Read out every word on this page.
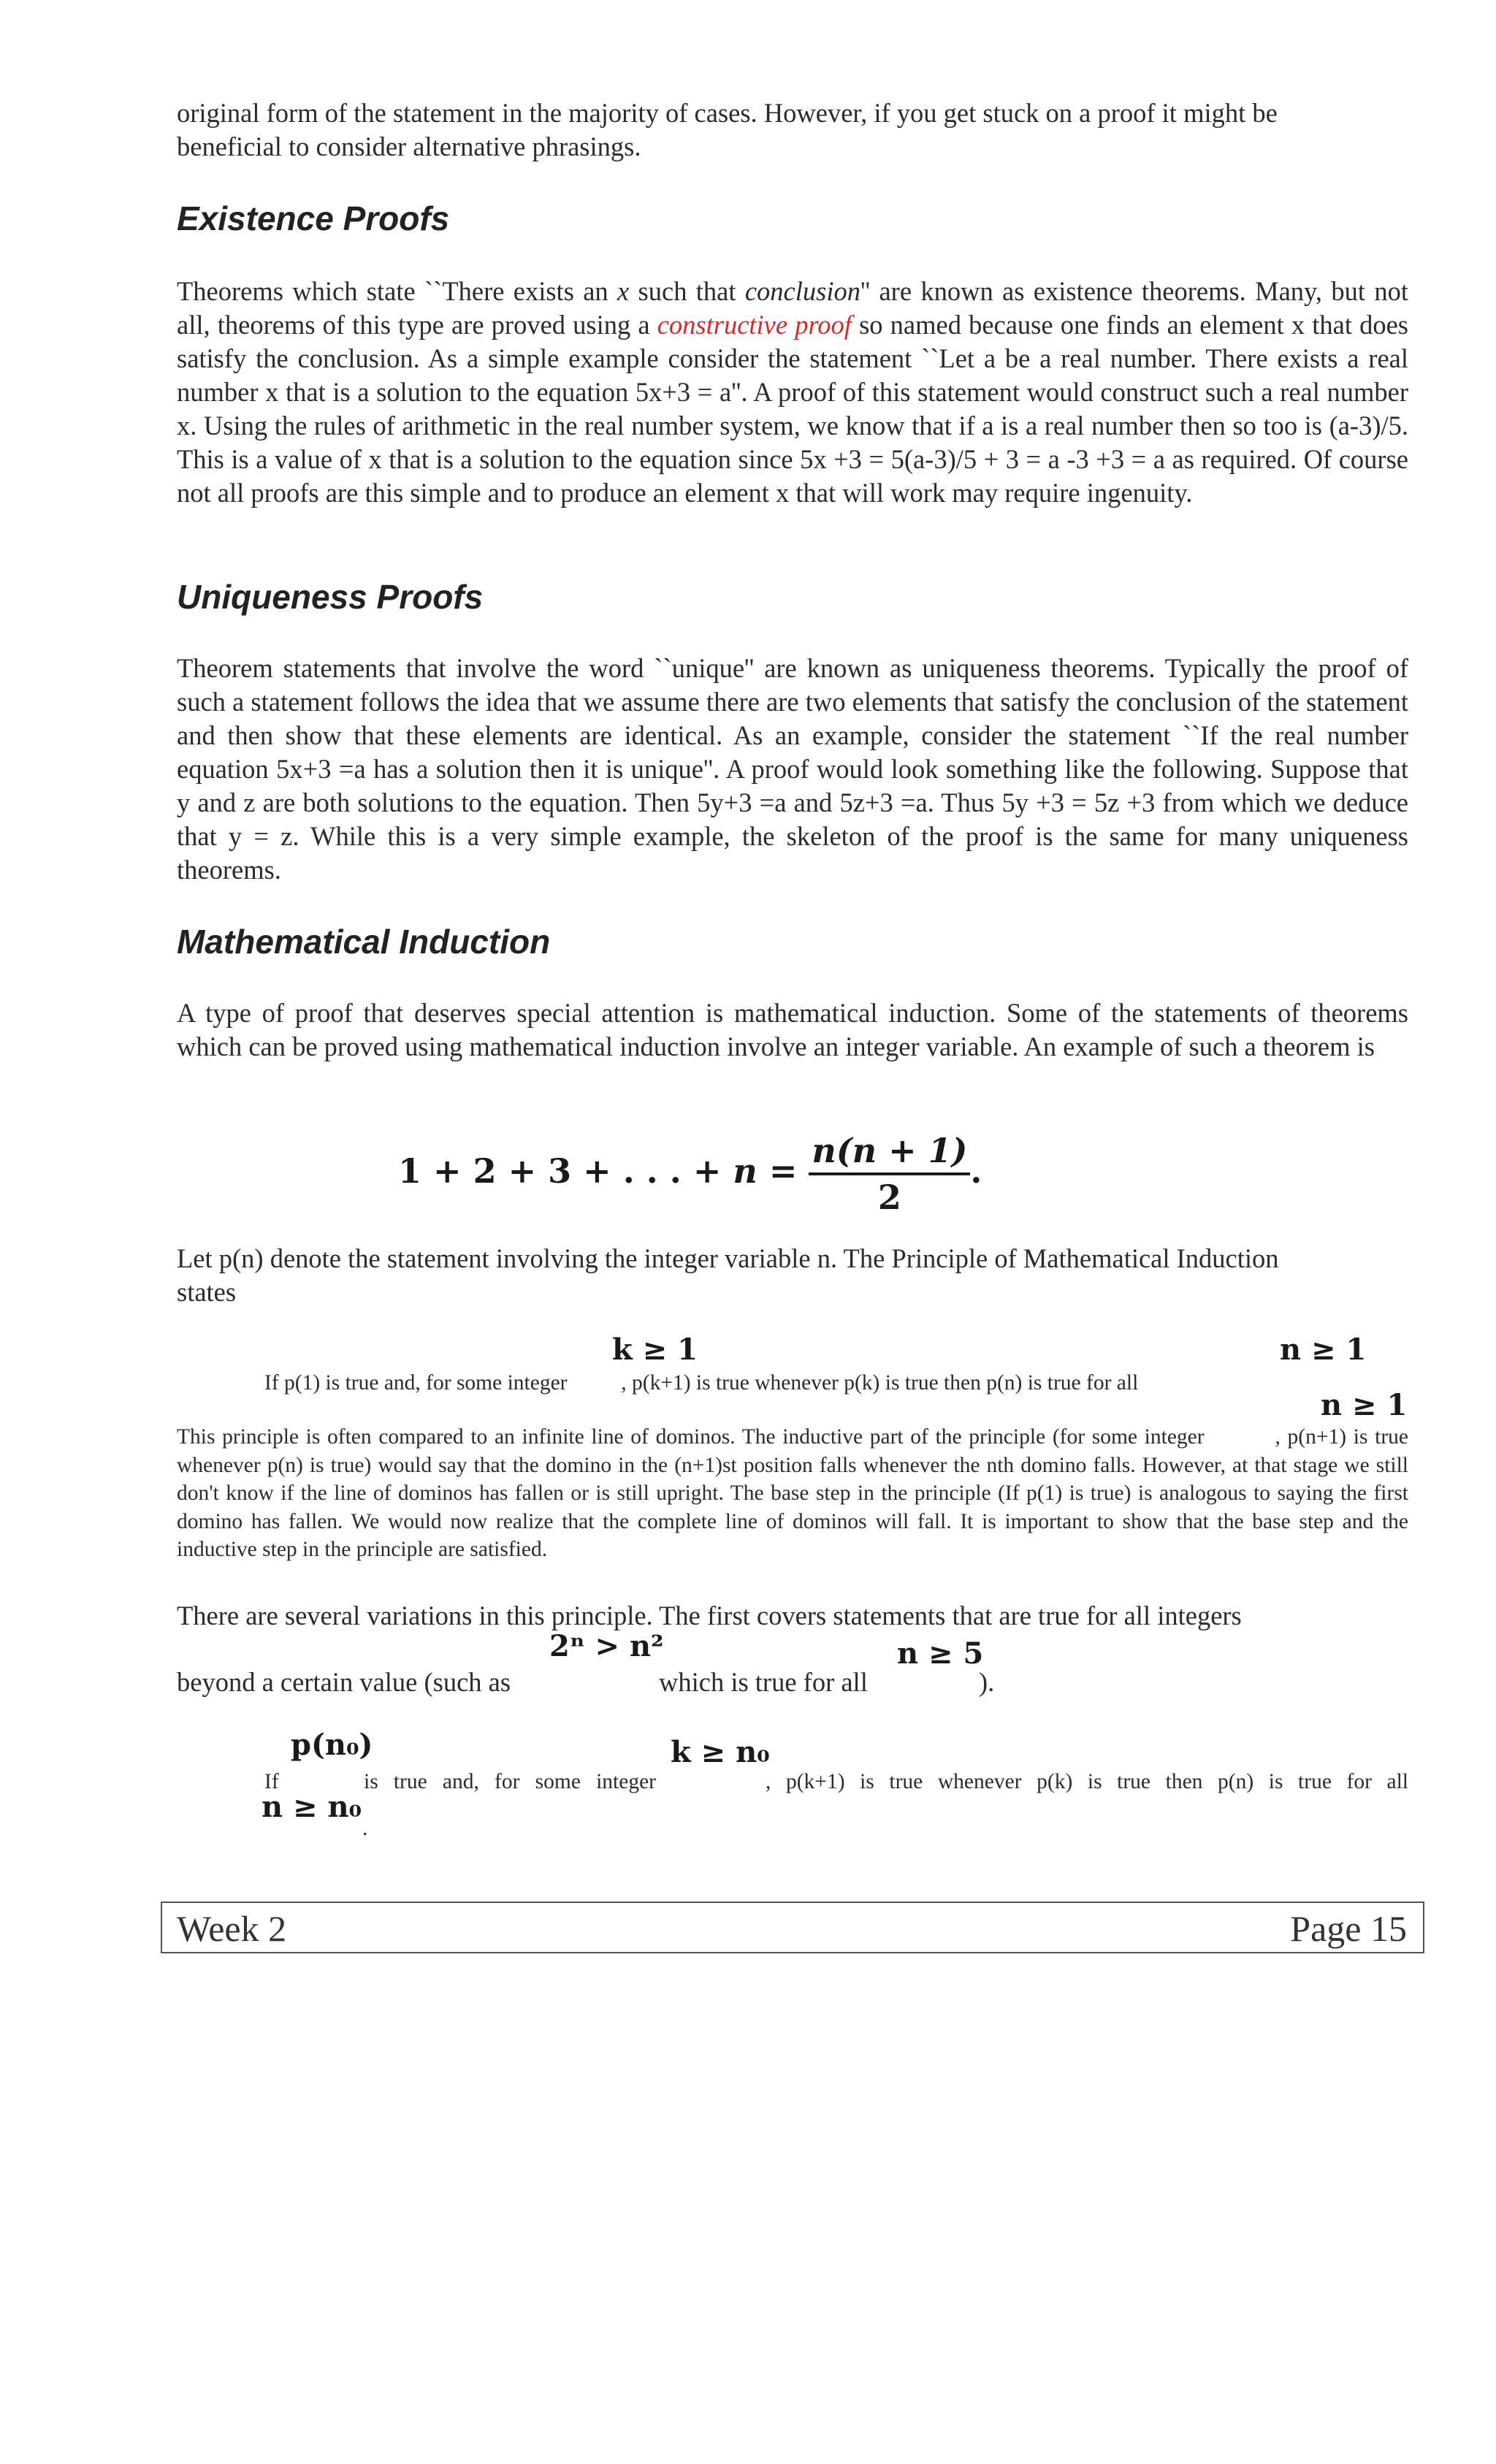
original form of the statement in the majority of cases. However, if you get stuck on a proof it might be
beneficial to consider alternative phrasings.

Existence Proofs

Theorems which state ``There exists an x such that conclusion'' are known as existence theorems. Many, but not all, theorems of this type are proved using a constructive proof so named because one finds an element x that does satisfy the conclusion. As a simple example consider the statement ``Let a be a real number. There exists a real number x that is a solution to the equation 5x+3 = a''. A proof of this statement would construct such a real number x. Using the rules of arithmetic in the real number system, we know that if a is a real number then so too is (a-3)/5. This is a value of x that is a solution to the equation since 5x +3 = 5(a-3)/5 + 3 = a -3 +3 = a as required. Of course not all proofs are this simple and to produce an element x that will work may require ingenuity.

Uniqueness Proofs

Theorem statements that involve the word ``unique'' are known as uniqueness theorems. Typically the proof of such a statement follows the idea that we assume there are two elements that satisfy the conclusion of the statement and then show that these elements are identical. As an example, consider the statement ``If the real number equation 5x+3 =a has a solution then it is unique''. A proof would look something like the following. Suppose that y and z are both solutions to the equation. Then 5y+3 =a and 5z+3 =a. Thus 5y +3 = 5z +3 from which we deduce that y = z. While this is a very simple example, the skeleton of the proof is the same for many uniqueness theorems.

Mathematical Induction

A type of proof that deserves special attention is mathematical induction. Some of the statements of theorems which can be proved using mathematical induction involve an integer variable. An example of such a theorem is

1 + 2 + 3 + . . . + $n = \frac{n(n + 1)}{2}$ .

Let p(n) denote the statement involving the integer variable n. The Principle of Mathematical Induction
states

k ≥ 1	n ≥ 1

If p(1) is true and, for some integer          , p(k+1) is true whenever p(k) is true then p(n) is true for all

n ≥ 1

This principle is often compared to an infinite line of dominos. The inductive part of the principle (for some integer          , p(n+1) is true whenever p(n) is true) would say that the domino in the (n+1)st position falls whenever the nth domino falls. However, at that stage we still don't know if the line of dominos has fallen or is still upright. The base step in the principle (If p(1) is true) is analogous to saying the first domino has fallen. We would now realize that the complete line of dominos will fall. It is important to show that the base step and the inductive step in the principle are satisfied.

There are several variations in this principle. The first covers statements that are true for all integers

2ⁿ > n²	n ≥ 5
beyond a certain value (such as	which is true for all	).
p(n₀)	k ≥ n₀

If	is true and, for some integer	, p(k+1) is true whenever p(k) is true then p(n) is true for all

n ≥ n₀

.

Week 2	Page 15
